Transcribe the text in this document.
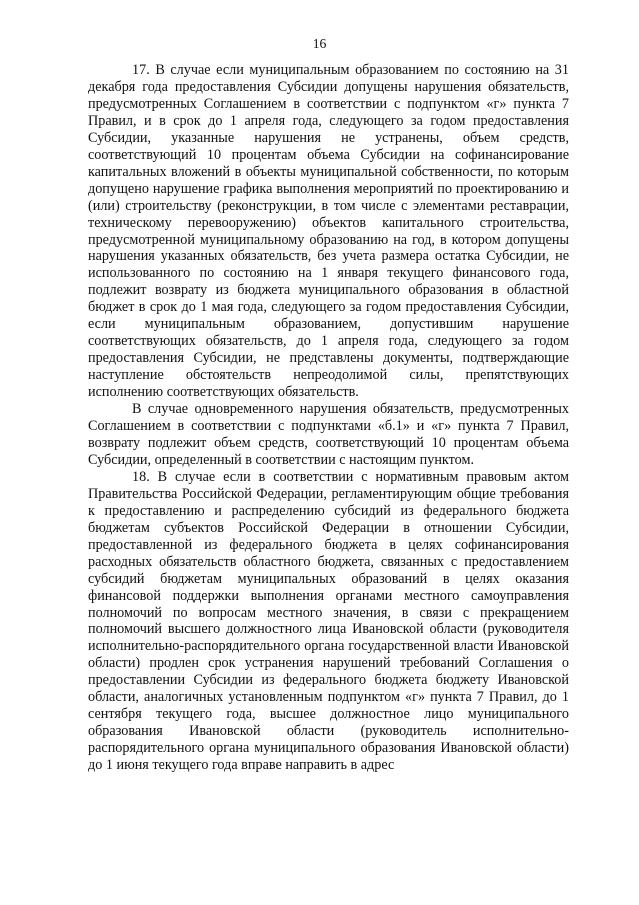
16

17. В случае если муниципальным образованием по состоянию на 31 декабря года предоставления Субсидии допущены нарушения обязательств, предусмотренных Соглашением в соответствии с подпунктом «г» пункта 7 Правил, и в срок до 1 апреля года, следующего за годом предоставления Субсидии, указанные нарушения не устранены, объем средств, соответствующий 10 процентам объема Субсидии на софинансирование капитальных вложений в объекты муниципальной собственности, по которым допущено нарушение графика выполнения мероприятий по проектированию и (или) строительству (реконструкции, в том числе с элементами реставрации, техническому перевооружению) объектов капитального строительства, предусмотренной муниципальному образованию на год, в котором допущены нарушения указанных обязательств, без учета размера остатка Субсидии, не использованного по состоянию на 1 января текущего финансового года, подлежит возврату из бюджета муниципального образования в областной бюджет в срок до 1 мая года, следующего за годом предоставления Субсидии, если муниципальным образованием, допустившим нарушение соответствующих обязательств, до 1 апреля года, следующего за годом предоставления Субсидии, не представлены документы, подтверждающие наступление обстоятельств непреодолимой силы, препятствующих исполнению соответствующих обязательств.

В случае одновременного нарушения обязательств, предусмотренных Соглашением в соответствии с подпунктами «б.1» и «г» пункта 7 Правил, возврату подлежит объем средств, соответствующий 10 процентам объема Субсидии, определенный в соответствии с настоящим пунктом.

18. В случае если в соответствии с нормативным правовым актом Правительства Российской Федерации, регламентирующим общие требования к предоставлению и распределению субсидий из федерального бюджета бюджетам субъектов Российской Федерации в отношении Субсидии, предоставленной из федерального бюджета в целях софинансирования расходных обязательств областного бюджета, связанных с предоставлением субсидий бюджетам муниципальных образований в целях оказания финансовой поддержки выполнения органами местного самоуправления полномочий по вопросам местного значения, в связи с прекращением полномочий высшего должностного лица Ивановской области (руководителя исполнительно-распорядительного органа государственной власти Ивановской области) продлен срок устранения нарушений требований Соглашения о предоставлении Субсидии из федерального бюджета бюджету Ивановской области, аналогичных установленным подпунктом «г» пункта 7 Правил, до 1 сентября текущего года, высшее должностное лицо муниципального образования Ивановской области (руководитель исполнительно-распорядительного органа муниципального образования Ивановской области) до 1 июня текущего года вправе направить в адрес
